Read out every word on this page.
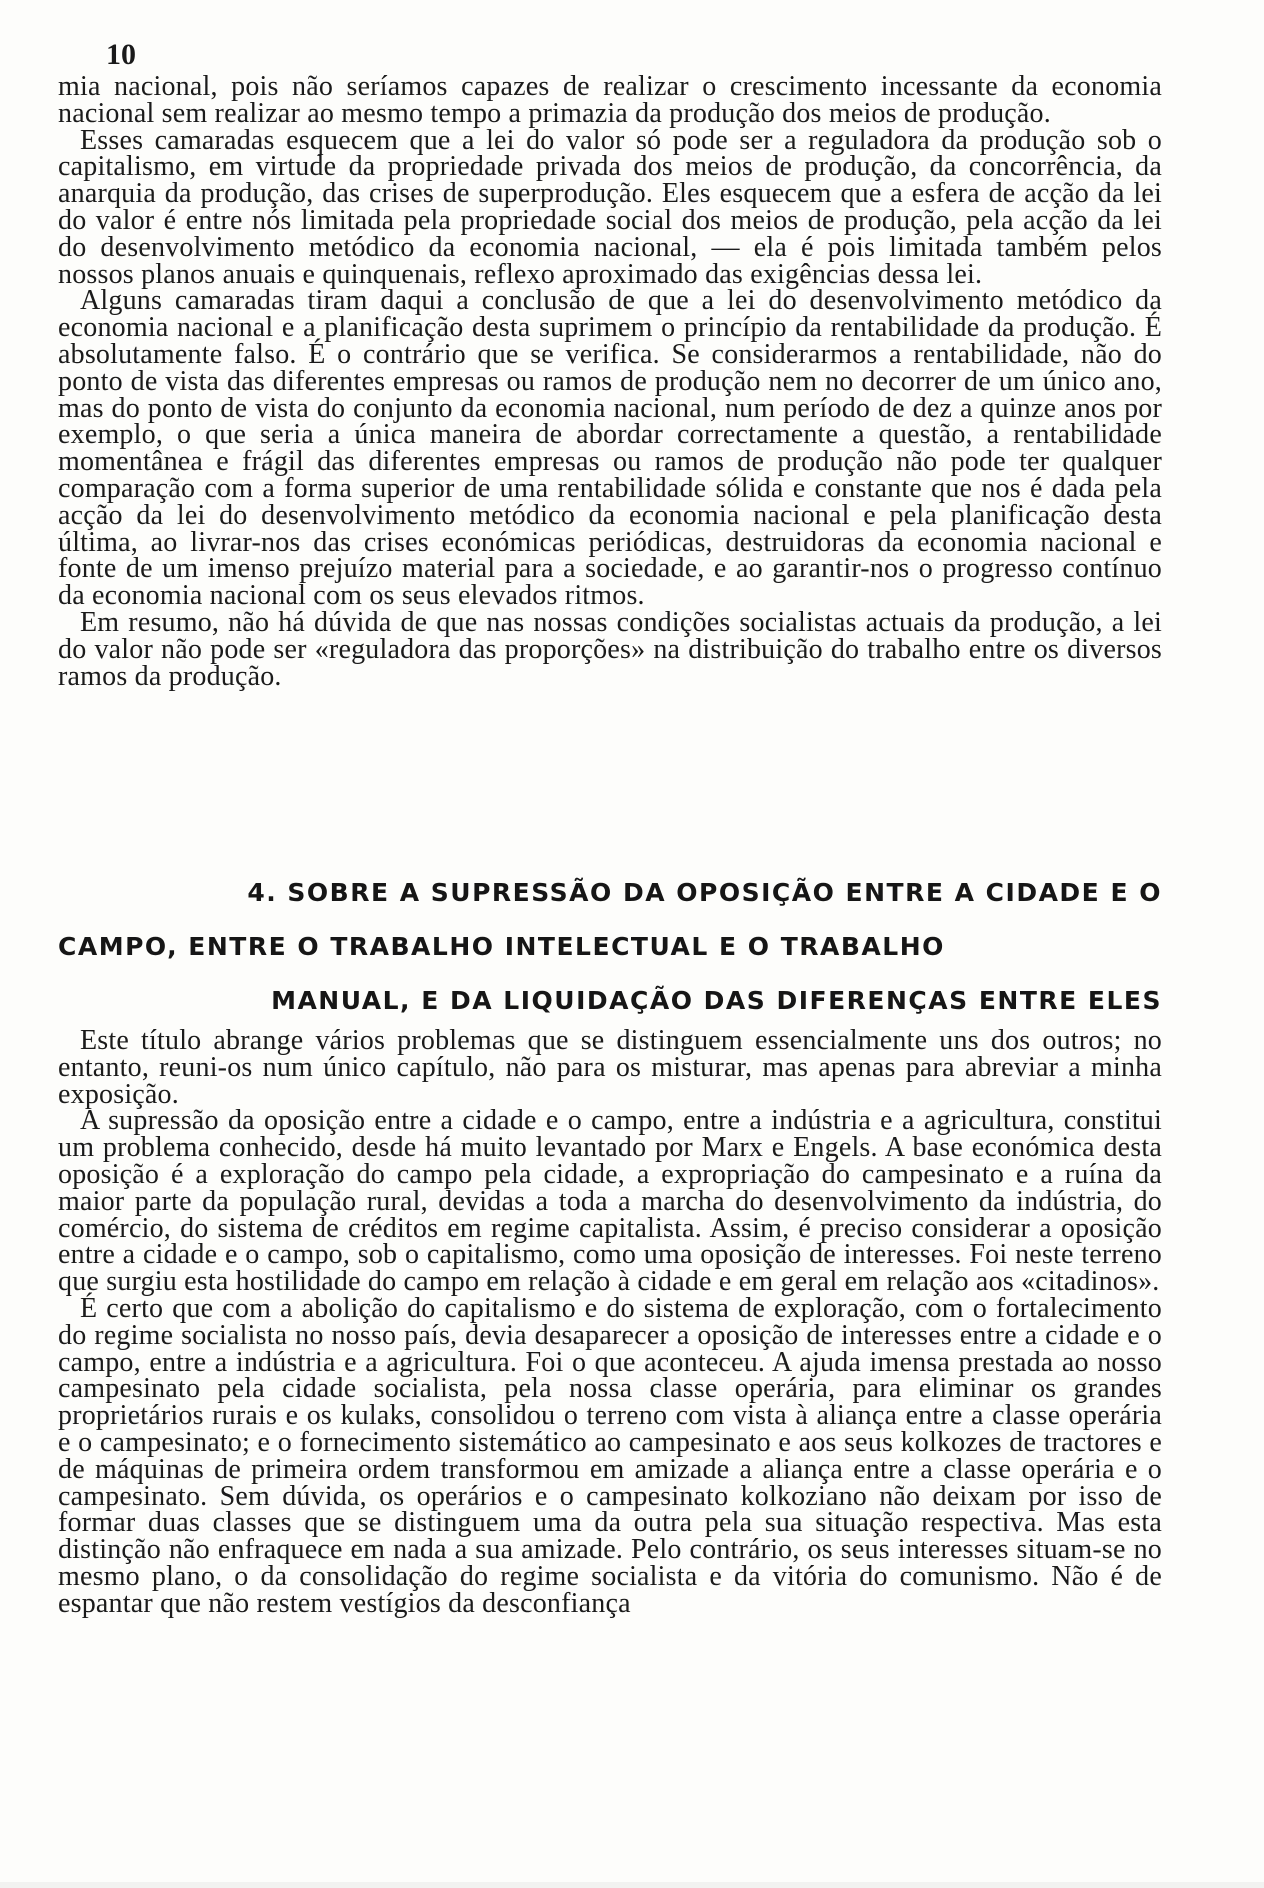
10

mia nacional, pois não seríamos capazes de realizar o crescimento incessante da economia nacional sem realizar ao mesmo tempo a primazia da produção dos meios de produção.

Esses camaradas esquecem que a lei do valor só pode ser a reguladora da produção sob o capitalismo, em virtude da propriedade privada dos meios de produção, da concorrência, da anarquia da produção, das crises de superprodução. Eles esquecem que a esfera de acção da lei do valor é entre nós limitada pela propriedade social dos meios de produção, pela acção da lei do desenvolvimento metódico da economia nacional, — ela é pois limitada também pelos nossos planos anuais e quinquenais, reflexo aproximado das exigências dessa lei.

Alguns camaradas tiram daqui a conclusão de que a lei do desenvolvimento metódico da economia nacional e a planificação desta suprimem o princípio da rentabilidade da produção. É absolutamente falso. É o contrário que se verifica. Se considerarmos a rentabilidade, não do ponto de vista das diferentes empresas ou ramos de produção nem no decorrer de um único ano, mas do ponto de vista do conjunto da economia nacional, num período de dez a quinze anos por exemplo, o que seria a única maneira de abordar correctamente a questão, a rentabilidade momentânea e frágil das diferentes empresas ou ramos de produção não pode ter qualquer comparação com a forma superior de uma rentabilidade sólida e constante que nos é dada pela acção da lei do desenvolvimento metódico da economia nacional e pela planificação desta última, ao livrar-nos das crises económicas periódicas, destruidoras da economia nacional e fonte de um imenso prejuízo material para a sociedade, e ao garantir-nos o progresso contínuo da economia nacional com os seus elevados ritmos.

Em resumo, não há dúvida de que nas nossas condições socialistas actuais da produção, a lei do valor não pode ser «reguladora das proporções» na distribuição do trabalho entre os diversos ramos da produção.

4. SOBRE A SUPRESSÃO DA OPOSIÇÃO ENTRE A CIDADE E O
CAMPO, ENTRE O TRABALHO INTELECTUAL E O TRABALHO
MANUAL, E DA LIQUIDAÇÃO DAS DIFERENÇAS ENTRE ELES

Este título abrange vários problemas que se distinguem essencialmente uns dos outros; no entanto, reuni-os num único capítulo, não para os misturar, mas apenas para abreviar a minha exposição.

A supressão da oposição entre a cidade e o campo, entre a indústria e a agricultura, constitui um problema conhecido, desde há muito levantado por Marx e Engels. A base económica desta oposição é a exploração do campo pela cidade, a expropriação do campesinato e a ruína da maior parte da população rural, devidas a toda a marcha do desenvolvimento da indústria, do comércio, do sistema de créditos em regime capitalista. Assim, é preciso considerar a oposição entre a cidade e o campo, sob o capitalismo, como uma oposição de interesses. Foi neste terreno que surgiu esta hostilidade do campo em relação à cidade e em geral em relação aos «citadinos».

É certo que com a abolição do capitalismo e do sistema de exploração, com o fortalecimento do regime socialista no nosso país, devia desaparecer a oposição de interesses entre a cidade e o campo, entre a indústria e a agricultura. Foi o que aconteceu. A ajuda imensa prestada ao nosso campesinato pela cidade socialista, pela nossa classe operária, para eliminar os grandes proprietários rurais e os kulaks, consolidou o terreno com vista à aliança entre a classe operária e o campesinato; e o fornecimento sistemático ao campesinato e aos seus kolkozes de tractores e de máquinas de primeira ordem transformou em amizade a aliança entre a classe operária e o campesinato. Sem dúvida, os operários e o campesinato kolkoziano não deixam por isso de formar duas classes que se distinguem uma da outra pela sua situação respectiva. Mas esta distinção não enfraquece em nada a sua amizade. Pelo contrário, os seus interesses situam-se no mesmo plano, o da consolidação do regime socialista e da vitória do comunismo. Não é de espantar que não restem vestígios da desconfiança
